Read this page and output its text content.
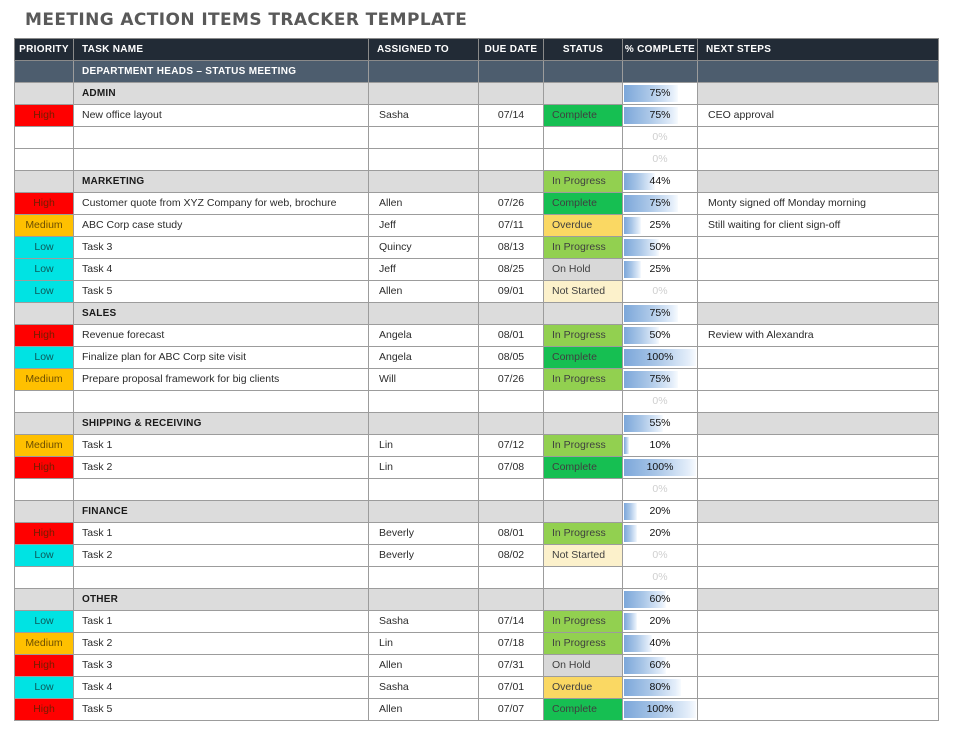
MEETING ACTION ITEMS TRACKER TEMPLATE
PRIORITY	TASK NAME	ASSIGNED TO	DUE DATE	STATUS	% COMPLETE	NEXT STEPS
	DEPARTMENT HEADS – STATUS MEETING					
	ADMIN				75%	
High	New office layout	Sasha	07/14	Complete	75%	CEO approval
					0%	
					0%	
	MARKETING			In Progress	44%	
High	Customer quote from XYZ Company for web, brochure	Allen	07/26	Complete	75%	Monty signed off Monday morning
Medium	ABC Corp case study	Jeff	07/11	Overdue	25%	Still waiting for client sign-off
Low	Task 3	Quincy	08/13	In Progress	50%	
Low	Task 4	Jeff	08/25	On Hold	25%	
Low	Task 5	Allen	09/01	Not Started	0%	
	SALES				75%	
High	Revenue forecast	Angela	08/01	In Progress	50%	Review with Alexandra
Low	Finalize plan for ABC Corp site visit	Angela	08/05	Complete	100%	
Medium	Prepare proposal framework for big clients	Will	07/26	In Progress	75%	
					0%	
	SHIPPING & RECEIVING				55%	
Medium	Task 1	Lin	07/12	In Progress	10%	
High	Task 2	Lin	07/08	Complete	100%	
					0%	
	FINANCE				20%	
High	Task 1	Beverly	08/01	In Progress	20%	
Low	Task 2	Beverly	08/02	Not Started	0%	
					0%	
	OTHER				60%	
Low	Task 1	Sasha	07/14	In Progress	20%	
Medium	Task 2	Lin	07/18	In Progress	40%	
High	Task 3	Allen	07/31	On Hold	60%	
Low	Task 4	Sasha	07/01	Overdue	80%	
High	Task 5	Allen	07/07	Complete	100%	
